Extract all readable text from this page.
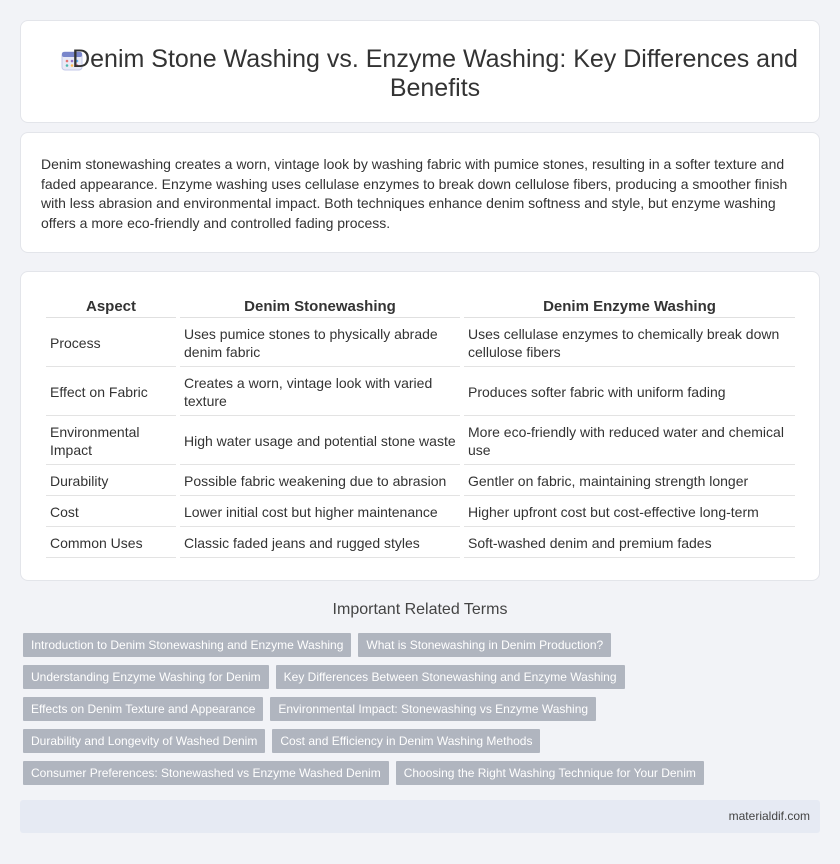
Denim Stone Washing vs. Enzyme Washing: Key Differences and Benefits

Denim stonewashing creates a worn, vintage look by washing fabric with pumice stones, resulting in a softer texture and faded appearance. Enzyme washing uses cellulase enzymes to break down cellulose fibers, producing a smoother finish with less abrasion and environmental impact. Both techniques enhance denim softness and style, but enzyme washing offers a more eco-friendly and controlled fading process.

Aspect	Denim Stonewashing	Denim Enzyme Washing
Process	Uses pumice stones to physically abrade denim fabric	Uses cellulase enzymes to chemically break down cellulose fibers
Effect on Fabric	Creates a worn, vintage look with varied texture	Produces softer fabric with uniform fading
Environmental Impact	High water usage and potential stone waste	More eco-friendly with reduced water and chemical use
Durability	Possible fabric weakening due to abrasion	Gentler on fabric, maintaining strength longer
Cost	Lower initial cost but higher maintenance	Higher upfront cost but cost-effective long-term
Common Uses	Classic faded jeans and rugged styles	Soft-washed denim and premium fades
Important Related Terms
Introduction to Denim Stonewashing and Enzyme Washing	What is Stonewashing in Denim Production?
Understanding Enzyme Washing for Denim	Key Differences Between Stonewashing and Enzyme Washing
Effects on Denim Texture and Appearance	Environmental Impact: Stonewashing vs Enzyme Washing
Durability and Longevity of Washed Denim	Cost and Efficiency in Denim Washing Methods
Consumer Preferences: Stonewashed vs Enzyme Washed Denim	Choosing the Right Washing Technique for Your Denim
materialdif.com
